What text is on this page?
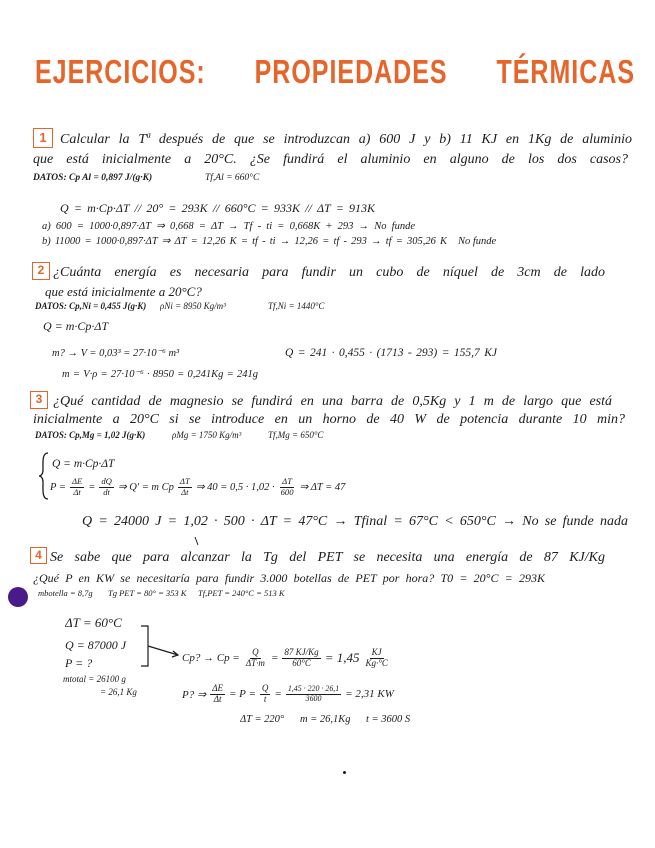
EJERCICIOS: PROPIEDADES TÉRMICAS
1 Calcular la Tª después de que se introduzcan a) 600 J y b) 11 KJ en 1Kg de aluminio
que está inicialmente a 20°C. ¿Se fundirá el aluminio en alguno de los dos casos?
DATOS: Cp Al = 0,897 J/(g·K)	Tf,Al = 660°C
Q = m·Cp·ΔT // 20° = 293K // 660°C = 933K // ΔT = 913K
a) 600 = 1000·0,897·ΔT ⇒ 0,668 = ΔT → Tf - ti = 0,668K + 293 → No funde
b) 11000 = 1000·0,897·ΔT ⇒ ΔT = 12,26 K = tf - ti → 12,26 = tf - 293 → tf = 305,26 K No funde
2 ¿Cuánta energía es necesaria para fundir un cubo de níquel de 3cm de lado
que está inicialmente a 20°C?
DATOS: Cp,Ni = 0,455 J(g·K)	ρNi = 8950 Kg/m³	Tf,Ni = 1440°C
Q = m·Cp·ΔT
m? → V = 0,03³ = 27·10⁻⁶ m³	Q = 241 · 0,455 · (1713 - 293) = 155,7 KJ
m = V·ρ = 27·10⁻⁶ · 8950 = 0,241Kg = 241g
3 ¿Qué cantidad de magnesio se fundirá en una barra de 0,5Kg y 1 m de largo que está
inicialmente a 20°C si se introduce en un horno de 40 W de potencia durante 10 min?
DATOS: Cp,Mg = 1,02 J(g·K)	ρMg = 1750 Kg/m³	Tf,Mg = 650°C
Q = m·Cp·ΔT
$P = \frac{\Delta E}{\Delta t} = \frac{dQ}{dt}$ ⇒ Q' = m Cp $\frac{\Delta T}{\Delta t}$ ⇒ $40 = 0,5 \cdot 1,02 \cdot \frac{\Delta T}{600}$ ⇒ ΔT = 47
Q = 24000 J = 1,02 · 500 · ΔT = 47°C → Tfinal = 67°C < 650°C → No se funde nada
4 Se sabe que para alcanzar la Tg del PET se necesita una energía de 87 KJ/Kg
¿Qué P en KW se necesitaría para fundir 3.000 botellas de PET por hora? T0 = 20°C = 293K
mbotella = 8,7g	Tg PET = 80° = 353 K	Tf,PET = 240°C = 513 K
ΔT = 60°C
Q = 87000 J
P = ?
mtotal = 26100 g
= 26,1 Kg
Cp? → $Cp = \frac{Q}{\Delta T\cdot m} = \frac{87 KJ/Kg}{60^\circ C} = 1,45 \frac{KJ}{Kg\cdot^\circ C}$
P? ⇒ $\frac{\Delta E}{\Delta t} = P = \frac{Q}{t} = \frac{1,45 \cdot 220 \cdot 26,1}{3600} = 2,31$ KW
ΔT = 220°	m = 26,1Kg	t = 3600 S
